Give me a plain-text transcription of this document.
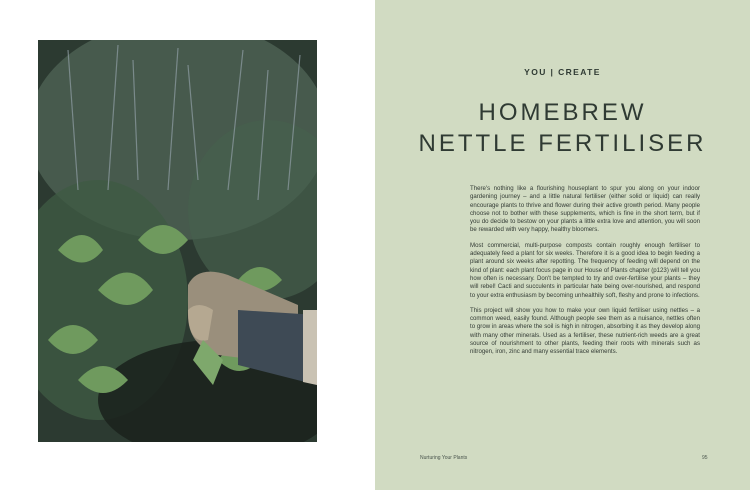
YOU | CREATE
HOMEBREW
NETTLE FERTILISER

There's nothing like a flourishing houseplant to spur you along on your indoor gardening journey – and a little natural fertiliser (either solid or liquid) can really encourage plants to thrive and flower during their active growth period. Many people choose not to bother with these supplements, which is fine in the short term, but if you do decide to bestow on your plants a little extra love and attention, you will soon be rewarded with very happy, healthy bloomers.

Most commercial, multi-purpose composts contain roughly enough fertiliser to adequately feed a plant for six weeks. Therefore it is a good idea to begin feeding a plant around six weeks after repotting. The frequency of feeding will depend on the kind of plant: each plant focus page in our House of Plants chapter (p123) will tell you how often is necessary. Don't be tempted to try and over-fertilise your plants – they will rebel! Cacti and succulents in particular hate being over-nourished, and respond to your extra enthusiasm by becoming unhealthily soft, fleshy and prone to infections.

This project will show you how to make your own liquid fertiliser using nettles – a common weed, easily found. Although people see them as a nuisance, nettles often to grow in areas where the soil is high in nitrogen, absorbing it as they develop along with many other minerals. Used as a fertiliser, these nutrient-rich weeds are a great source of nourishment to other plants, feeding their roots with minerals such as nitrogen, iron, zinc and many essential trace elements.

Nurturing Your Plants	95
